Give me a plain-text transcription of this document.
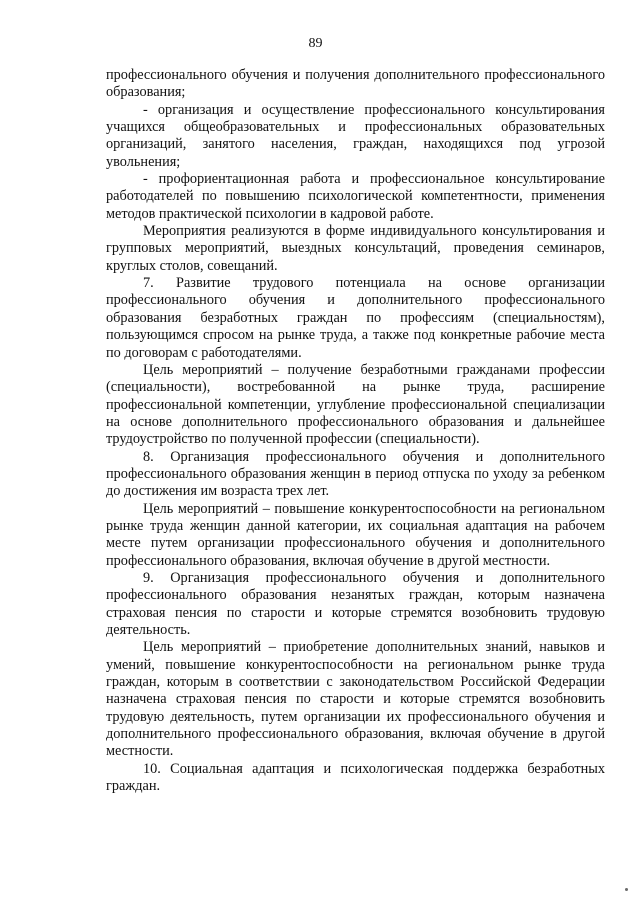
89

профессионального обучения и получения дополнительного профессионального образования;

- организация и осуществление профессионального консультирования учащихся общеобразовательных и профессиональных образовательных организаций, занятого населения, граждан, находящихся под угрозой увольнения;

- профориентационная работа и профессиональное консультирование работодателей по повышению психологической компетентности, применения методов практической психологии в кадровой работе.

Мероприятия реализуются в форме индивидуального консультирования и групповых мероприятий, выездных консультаций, проведения семинаров, круглых столов, совещаний.

7. Развитие трудового потенциала на основе организации профессионального обучения и дополнительного профессионального образования безработных граждан по профессиям (специальностям), пользующимся спросом на рынке труда, а также под конкретные рабочие места по договорам с работодателями.

Цель мероприятий – получение безработными гражданами профессии (специальности), востребованной на рынке труда, расширение профессиональной компетенции, углубление профессиональной специализации на основе дополнительного профессионального образования и дальнейшее трудоустройство по полученной профессии (специальности).

8. Организация профессионального обучения и дополнительного профессионального образования женщин в период отпуска по уходу за ребенком до достижения им возраста трех лет.

Цель мероприятий – повышение конкурентоспособности на региональном рынке труда женщин данной категории, их социальная адаптация на рабочем месте путем организации профессионального обучения и дополнительного профессионального образования, включая обучение в другой местности.

9. Организация профессионального обучения и дополнительного профессионального образования незанятых граждан, которым назначена страховая пенсия по старости и которые стремятся возобновить трудовую деятельность.

Цель мероприятий – приобретение дополнительных знаний, навыков и умений, повышение конкурентоспособности на региональном рынке труда граждан, которым в соответствии с законодательством Российской Федерации назначена страховая пенсия по старости и которые стремятся возобновить трудовую деятельность, путем организации их профессионального обучения и дополнительного профессионального образования, включая обучение в другой местности.

10. Социальная адаптация и психологическая поддержка безработных граждан.
